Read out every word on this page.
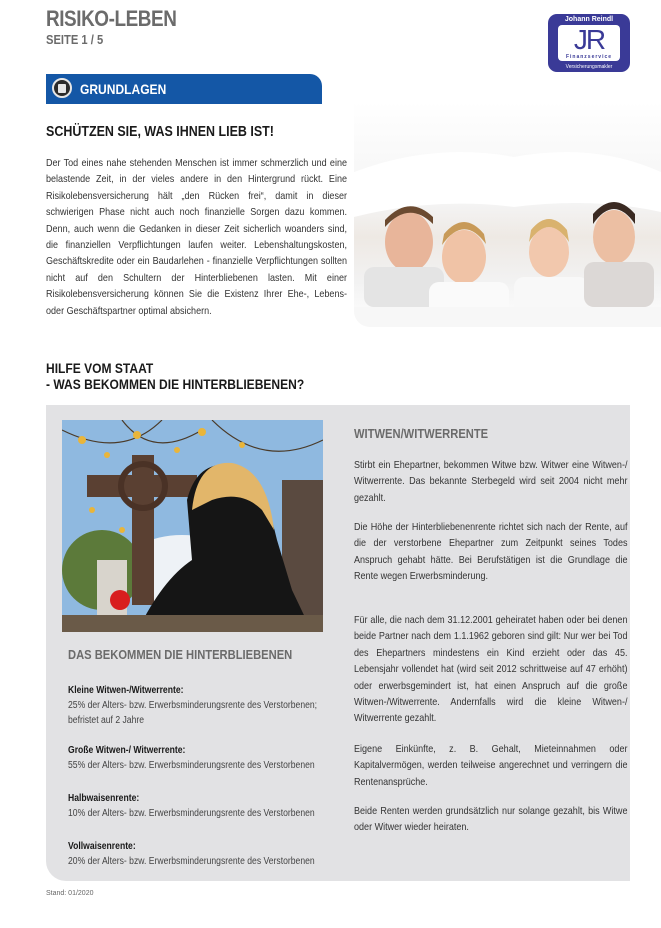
RISIKO-LEBEN
SEITE 1 / 5
Johann Reindl
JR
Finanzservice
Versicherungsmakler
GRUNDLAGEN
SCHÜTZEN SIE, WAS IHNEN LIEB IST!
Der Tod eines nahe stehenden Menschen ist immer schmerzlich und eine belastende Zeit, in der vieles andere in den Hintergrund rückt. Eine Risikolebensversicherung hält „den Rücken frei“, damit in dieser schwierigen Phase nicht auch noch finanzielle Sorgen dazu kommen. Denn, auch wenn die Gedanken in dieser Zeit sicherlich woanders sind, die finanziellen Verpflichtungen laufen weiter. Lebenshaltungskosten, Geschäftskredite oder ein Baudarlehen - finanzielle Verpflichtungen sollten nicht auf den Schultern der Hinterbliebenen lasten. Mit einer Risikolebensversicherung können Sie die Existenz Ihrer Ehe-, Lebens- oder Geschäftspartner optimal absichern.
HILFE VOM STAAT
- WAS BEKOMMEN DIE HINTERBLIEBENEN?
DAS BEKOMMEN DIE HINTERBLIEBENEN
Kleine Witwen-/Witwerrente:
25% der Alters- bzw. Erwerbsminderungsrente des Verstorbenen; befristet auf 2 Jahre
Große Witwen-/ Witwerrente:
55% der Alters- bzw. Erwerbsminderungsrente des Verstorbenen
Halbwaisenrente:
10% der Alters- bzw. Erwerbsminderungsrente des Verstorbenen
Vollwaisenrente:
20% der Alters- bzw. Erwerbsminderungsrente des Verstorbenen
WITWEN/WITWERRENTE
Stirbt ein Ehepartner, bekommen Witwe bzw. Witwer eine Witwen-/ Witwerrente. Das bekannte Sterbegeld wird seit 2004 nicht mehr gezahlt.
Die Höhe der Hinterbliebenenrente richtet sich nach der Rente, auf die der verstorbene Ehepartner zum Zeitpunkt seines Todes Anspruch gehabt hätte. Bei Berufstätigen ist die Grundlage die Rente wegen Erwerbsminderung.
Für alle, die nach dem 31.12.2001 geheiratet haben oder bei denen beide Partner nach dem 1.1.1962 geboren sind gilt: Nur wer bei Tod des Ehepartners mindestens ein Kind erzieht oder das 45. Lebensjahr vollendet hat (wird seit 2012 schrittweise auf 47 erhöht) oder erwerbsgemindert ist, hat einen Anspruch auf die große Witwen-/Witwerrente. Andernfalls wird die kleine Witwen-/ Witwerrente gezahlt.
Eigene Einkünfte, z. B. Gehalt, Mieteinnahmen oder Kapitalvermögen, werden teilweise angerechnet und verringern die Rentenansprüche.
Beide Renten werden grundsätzlich nur solange gezahlt, bis Witwe oder Witwer wieder heiraten.
Stand: 01/2020
